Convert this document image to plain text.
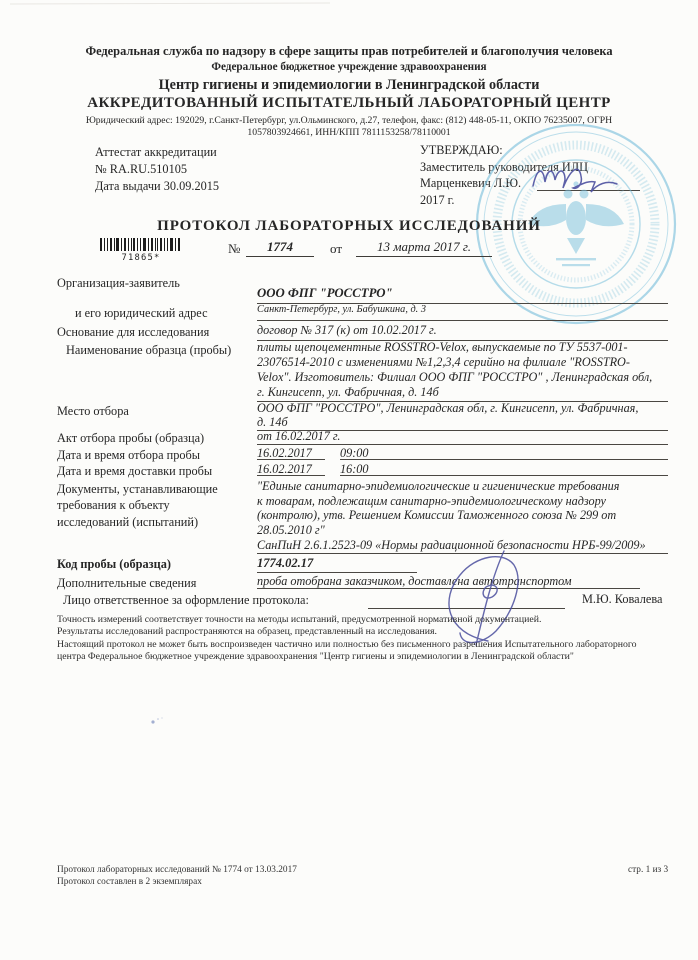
Федеральная служба по надзору в сфере защиты прав потребителей и благополучия человека
Федеральное бюджетное учреждение здравоохранения
Центр гигиены и эпидемиологии в Ленинградской области
АККРЕДИТОВАННЫЙ ИСПЫТАТЕЛЬНЫЙ ЛАБОРАТОРНЫЙ ЦЕНТР
Юридический адрес: 192029, г.Санкт-Петербург, ул.Ольминского, д.27, телефон, факс: (812) 448-05-11, ОКПО 76235007, ОГРН
1057803924661, ИНН/КПП 7811153258/78110001
Аттестат аккредитации
№ RA.RU.510105
Дата выдачи 30.09.2015
УТВЕРЖДАЮ:
Заместитель руководителя ИЛЦ
Марценкевич Л.Ю.
2017 г.
ПРОТОКОЛ ЛАБОРАТОРНЫХ ИССЛЕДОВАНИЙ
71865*
№	1774	от	13 марта 2017 г.
Организация-заявитель
ООО ФПГ "РОССТРО"
и его юридический адрес	Санкт-Петербург, ул. Бабушкина, д. 3
Основание для исследования	договор № 317 (к) от 10.02.2017 г.
Наименование образца (пробы) плиты щепоцементные ROSSTRO-Velox, выпускаемые по ТУ 5537-001-
23076514-2010 с изменениями №1,2,3,4 серийно на филиале "ROSSTRO-
Velox". Изготовитель: Филиал ООО ФПГ "РОССТРО" , Ленинградская обл,
г. Кингисепп, ул. Фабричная, д. 14б
Место отбора	ООО ФПГ "РОССТРО", Ленинградская обл, г. Кингисепп, ул. Фабричная,
д. 14б
Акт отбора пробы (образца)	от 16.02.2017 г.
Дата и время отбора пробы	16.02.2017	09:00
Дата и время доставки пробы	16.02.2017	16:00
Документы, устанавливающие требования к объекту исследований (испытаний)
"Единые санитарно-эпидемиологические и гигиенические требования
к товарам, подлежащим санитарно-эпидемиологическому надзору
(контролю), утв. Решением Комиссии Таможенного союза № 299 от
28.05.2010 г"
СанПиН 2.6.1.2523-09 «Нормы радиационной безопасности НРБ-99/2009»
Код пробы (образца)	1774.02.17
Дополнительные сведения	проба отобрана заказчиком, доставлена автотранспортом
Лицо ответственное за оформление протокола:	М.Ю. Ковалева
Точность измерений соответствует точности на методы испытаний, предусмотренной нормативной документацией.
Результаты исследований распространяются на образец, представленный на исследования.
Настоящий протокол не может быть воспроизведен частично или полностью без письменного разрешения Испытательного лабораторного центра Федеральное бюджетное учреждение здравоохранения "Центр гигиены и эпидемиологии в Ленинградской области"
Протокол лабораторных исследований № 1774 от 13.03.2017
Протокол составлен в 2 экземплярах
стр. 1 из 3
